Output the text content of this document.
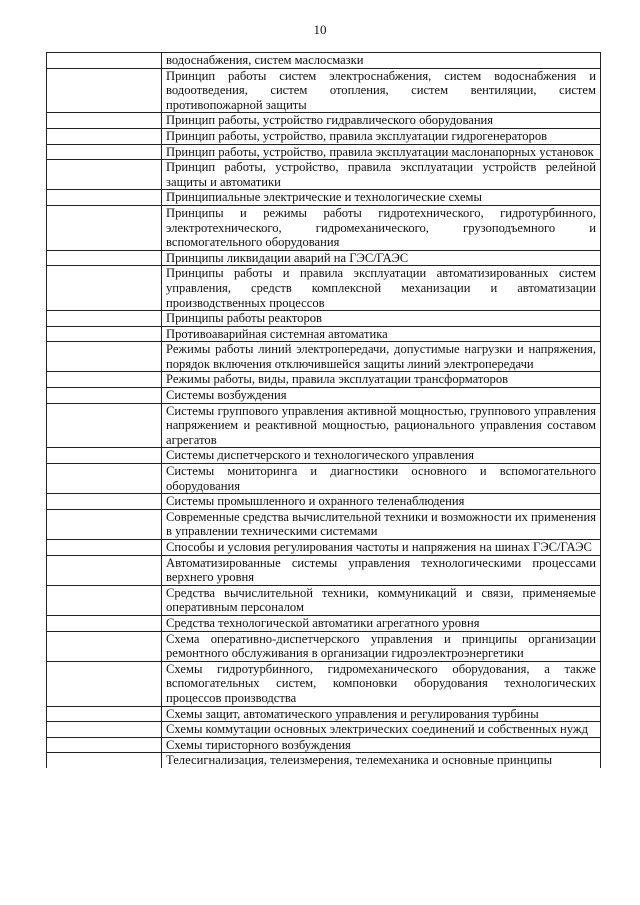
10

	водоснабжения, систем маслосмазки

	Принцип работы систем электроснабжения, систем водоснабжения и водоотведения, систем отопления, систем вентиляции, систем противопожарной защиты

	Принцип работы, устройство гидравлического оборудования

	Принцип работы, устройство, правила эксплуатации гидрогенераторов

	Принцип работы, устройство, правила эксплуатации маслонапорных установок

	Принцип работы, устройство, правила эксплуатации устройств релейной защиты и автоматики

	Принципиальные электрические и технологические схемы

	Принципы и режимы работы гидротехнического, гидротурбинного, электротехнического, гидромеханического, грузоподъемного и вспомогательного оборудования

	Принципы ликвидации аварий на ГЭС/ГАЭС

	Принципы работы и правила эксплуатации автоматизированных систем управления, средств комплексной механизации и автоматизации производственных процессов

	Принципы работы реакторов

	Противоаварийная системная автоматика

	Режимы работы линий электропередачи, допустимые нагрузки и напряжения, порядок включения отключившейся защиты линий электропередачи

	Режимы работы, виды, правила эксплуатации трансформаторов

	Системы возбуждения

	Системы группового управления активной мощностью, группового управления напряжением и реактивной мощностью, рационального управления составом агрегатов

	Системы диспетчерского и технологического управления

	Системы мониторинга и диагностики основного и вспомогательного оборудования

	Системы промышленного и охранного теленаблюдения

	Современные средства вычислительной техники и возможности их применения в управлении техническими системами

	Способы и условия регулирования частоты и напряжения на шинах ГЭС/ГАЭС

	Автоматизированные системы управления технологическими процессами верхнего уровня

	Средства вычислительной техники, коммуникаций и связи, применяемые оперативным персоналом

	Средства технологической автоматики агрегатного уровня

	Схема оперативно-диспетчерского управления и принципы организации ремонтного обслуживания в организации гидроэлектроэнергетики

	Схемы гидротурбинного, гидромеханического оборудования, а также вспомогательных систем, компоновки оборудования технологических процессов производства

	Схемы защит, автоматического управления и регулирования турбины

	Схемы коммутации основных электрических соединений и собственных нужд

	Схемы тиристорного возбуждения

	Телесигнализация, телеизмерения, телемеханика и основные принципы
